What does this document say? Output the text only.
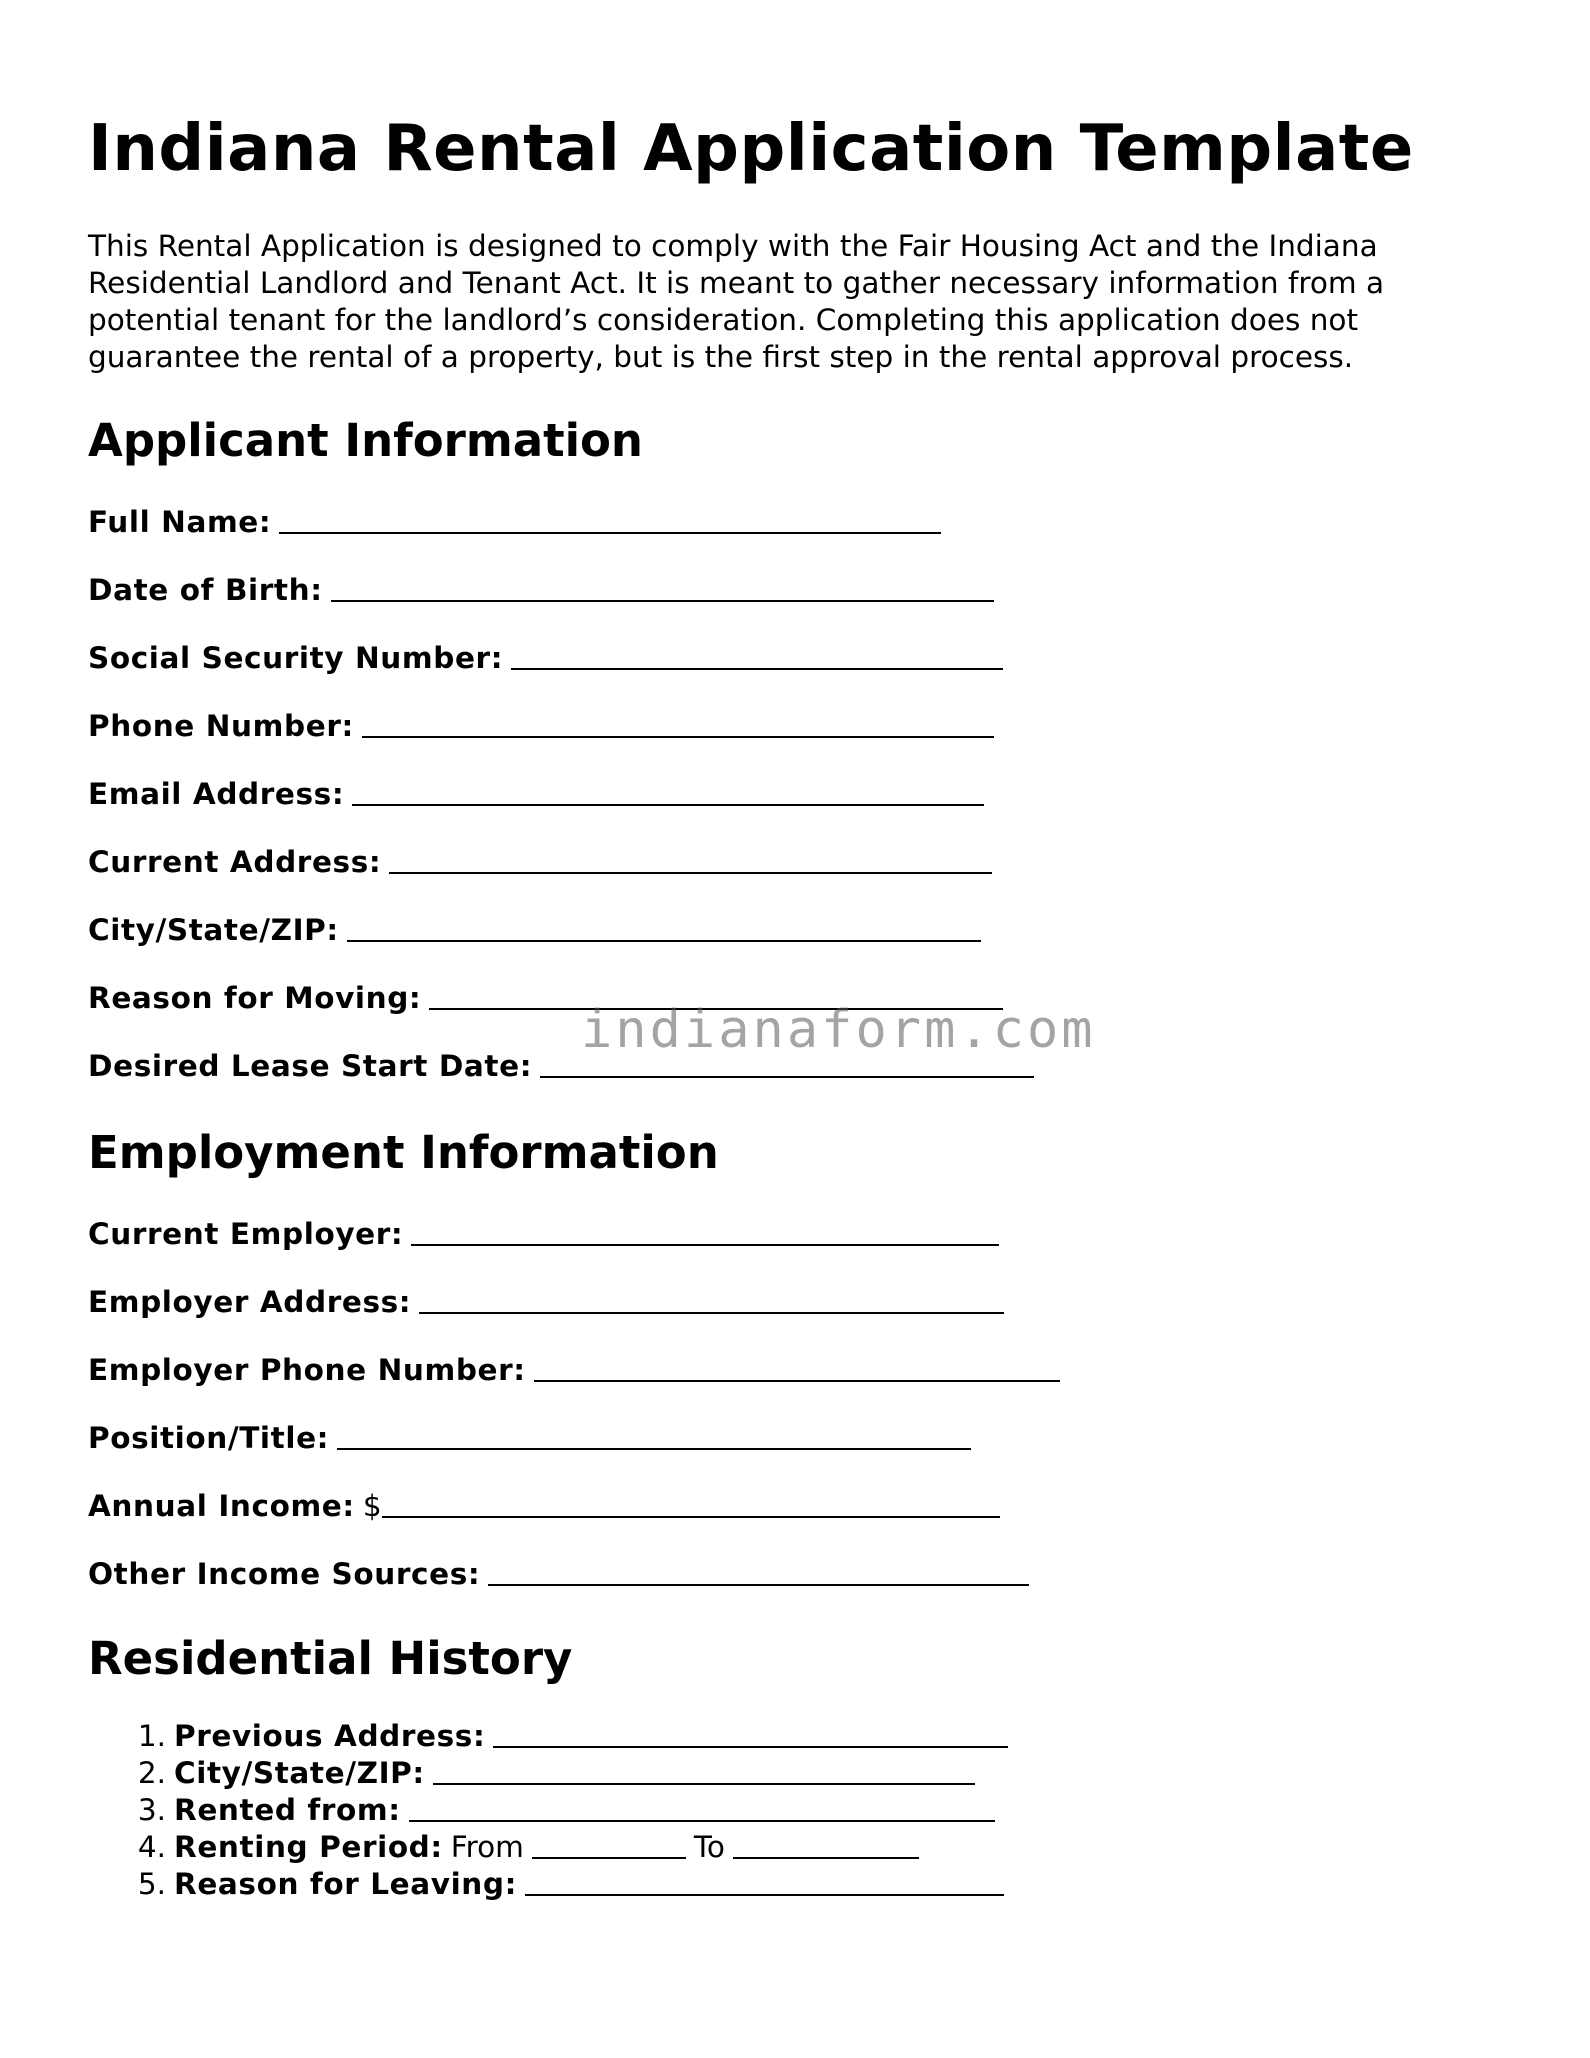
Indiana Rental Application Template

This Rental Application is designed to comply with the Fair Housing Act and the Indiana Residential Landlord and Tenant Act. It is meant to gather necessary information from a potential tenant for the landlord’s consideration. Completing this application does not guarantee the rental of a property, but is the first step in the rental approval process.

Applicant Information
Full Name:
Date of Birth:
Social Security Number:
Phone Number:
Email Address:
Current Address:
City/State/ZIP:
Reason for Moving:
Desired Lease Start Date:
Employment Information
Current Employer:
Employer Address:
Employer Phone Number:
Position/Title:
Annual Income: $
Other Income Sources:
Residential History
1. Previous Address:
2. City/State/ZIP:
3. Rented from:
4. Renting Period: From	To
5. Reason for Leaving:
indianaform.com
